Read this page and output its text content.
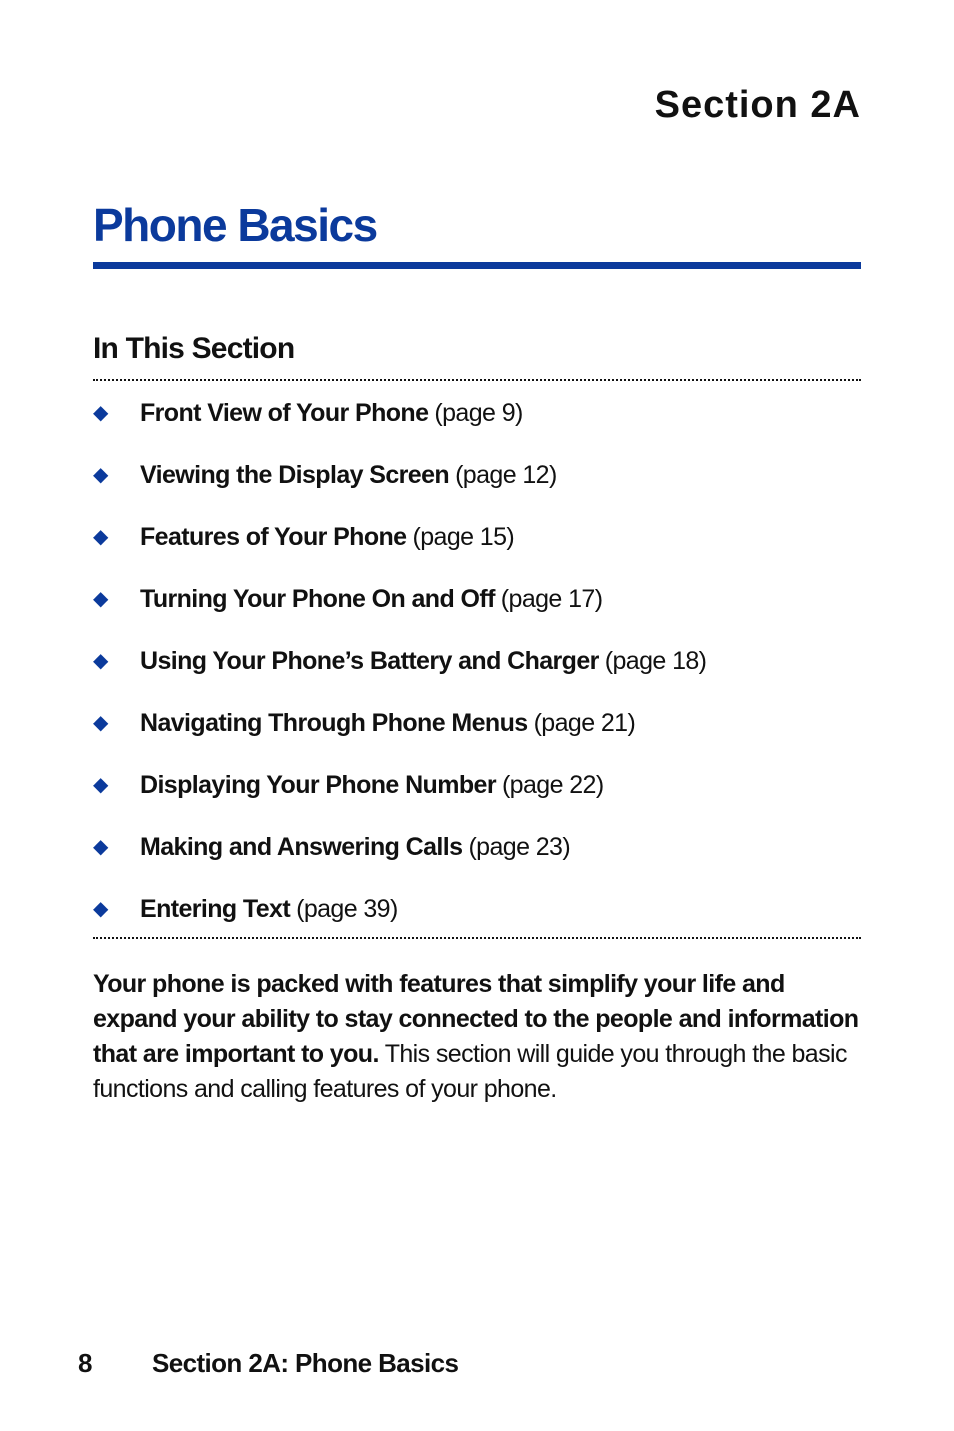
Section 2A
Phone Basics
In This Section
◆	Front View of Your Phone (page 9)
◆	Viewing the Display Screen (page 12)
◆	Features of Your Phone (page 15)
◆	Turning Your Phone On and Off (page 17)
◆	Using Your Phone’s Battery and Charger (page 18)
◆	Navigating Through Phone Menus (page 21)
◆	Displaying Your Phone Number (page 22)
◆	Making and Answering Calls (page 23)
◆	Entering Text (page 39)

Your phone is packed with features that simplify your life and expand your ability to stay connected to the people and information that are important to you. This section will guide you through the basic functions and calling features of your phone.

8	Section 2A: Phone Basics
